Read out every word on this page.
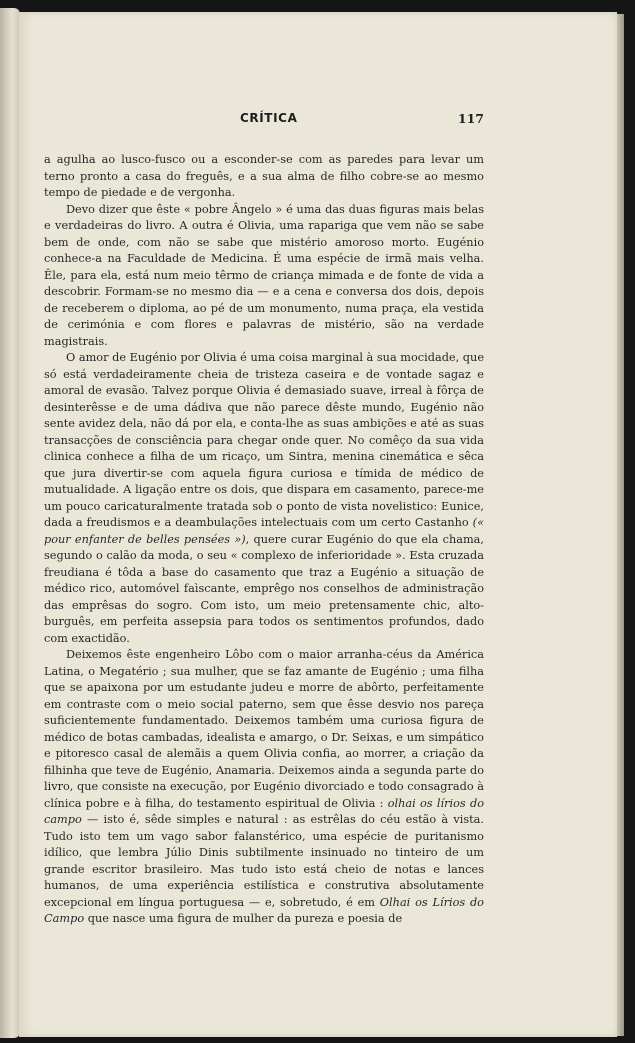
CRÍTICA	117

a agulha ao lusco-fusco ou a esconder-se com as paredes para levar um terno pronto a casa do freguês, e a sua alma de filho cobre-se ao mesmo tempo de piedade e de vergonha.

Devo dizer que êste « pobre Ângelo » é uma das duas figuras mais belas e verdadeiras do livro. A outra é Olivia, uma rapariga que vem não se sabe bem de onde, com não se sabe que mistério amoroso morto. Eugénio conhece-a na Faculdade de Medicina. É uma espécie de irmã mais velha. Êle, para ela, está num meio têrmo de criança mimada e de fonte de vida a descobrir. Formam-se no mesmo dia — e a cena e conversa dos dois, depois de receberem o diploma, ao pé de um monumento, numa praça, ela vestida de cerimónia e com flores e palavras de mistério, são na verdade magistrais.

O amor de Eugénio por Olivia é uma coisa marginal à sua mocidade, que só está verdadeiramente cheia de tristeza caseira e de vontade sagaz e amoral de evasão. Talvez porque Olivia é demasiado suave, irreal à fôrça de desinterêsse e de uma dádiva que não parece dêste mundo, Eugénio não sente avidez dela, não dá por ela, e conta-lhe as suas ambições e até as suas transacções de consciência para chegar onde quer. No comêço da sua vida clinica conhece a filha de um ricaço, um Sintra, menina cinemática e sêca que jura divertir-se com aquela figura curiosa e tímida de médico de mutualidade. A ligação entre os dois, que dispara em casamento, parece-me um pouco caricaturalmente tratada sob o ponto de vista novelistico: Eunice, dada a freudismos e a deambulações intelectuais com um certo Castanho (« pour enfanter de belles pensées »), quere curar Eugénio do que ela chama, segundo o calão da moda, o seu « complexo de inferioridade ». Esta cruzada freudiana é tôda a base do casamento que traz a Eugénio a situação de médico rico, automóvel faìscante, emprêgo nos conselhos de administração das emprêsas do sogro. Com isto, um meio pretensamente chic, alto-burguês, em perfeita assepsia para todos os sentimentos profundos, dado com exactidão.

Deixemos êste engenheiro Lôbo com o maior arranha-céus da América Latina, o Megatério ; sua mulher, que se faz amante de Eugénio ; uma filha que se apaixona por um estudante judeu e morre de abôrto, perfeitamente em contraste com o meio social paterno, sem que êsse desvio nos pareça suficientemente fundamentado. Deixemos também uma curiosa figura de médico de botas cambadas, idealista e amargo, o Dr. Seixas, e um simpático e pitoresco casal de alemãis a quem Olivia confia, ao morrer, a criação da filhinha que teve de Eugénio, Anamaria. Deixemos ainda a segunda parte do livro, que consiste na execução, por Eugénio divorciado e todo consagrado à clínica pobre e à filha, do testamento espiritual de Olivia : olhai os lírios do campo — isto é, sêde simples e natural : as estrêlas do céu estão à vista. Tudo isto tem um vago sabor falanstérico, uma espécie de puritanismo idílico, que lembra Júlio Dinis subtilmente insinuado no tinteiro de um grande escritor brasileiro. Mas tudo isto está cheio de notas e lances humanos, de uma experiência estilística e construtiva absolutamente excepcional em língua portuguesa — e, sobretudo, é em Olhai os Lírios do Campo que nasce uma figura de mulher da pureza e poesia de
